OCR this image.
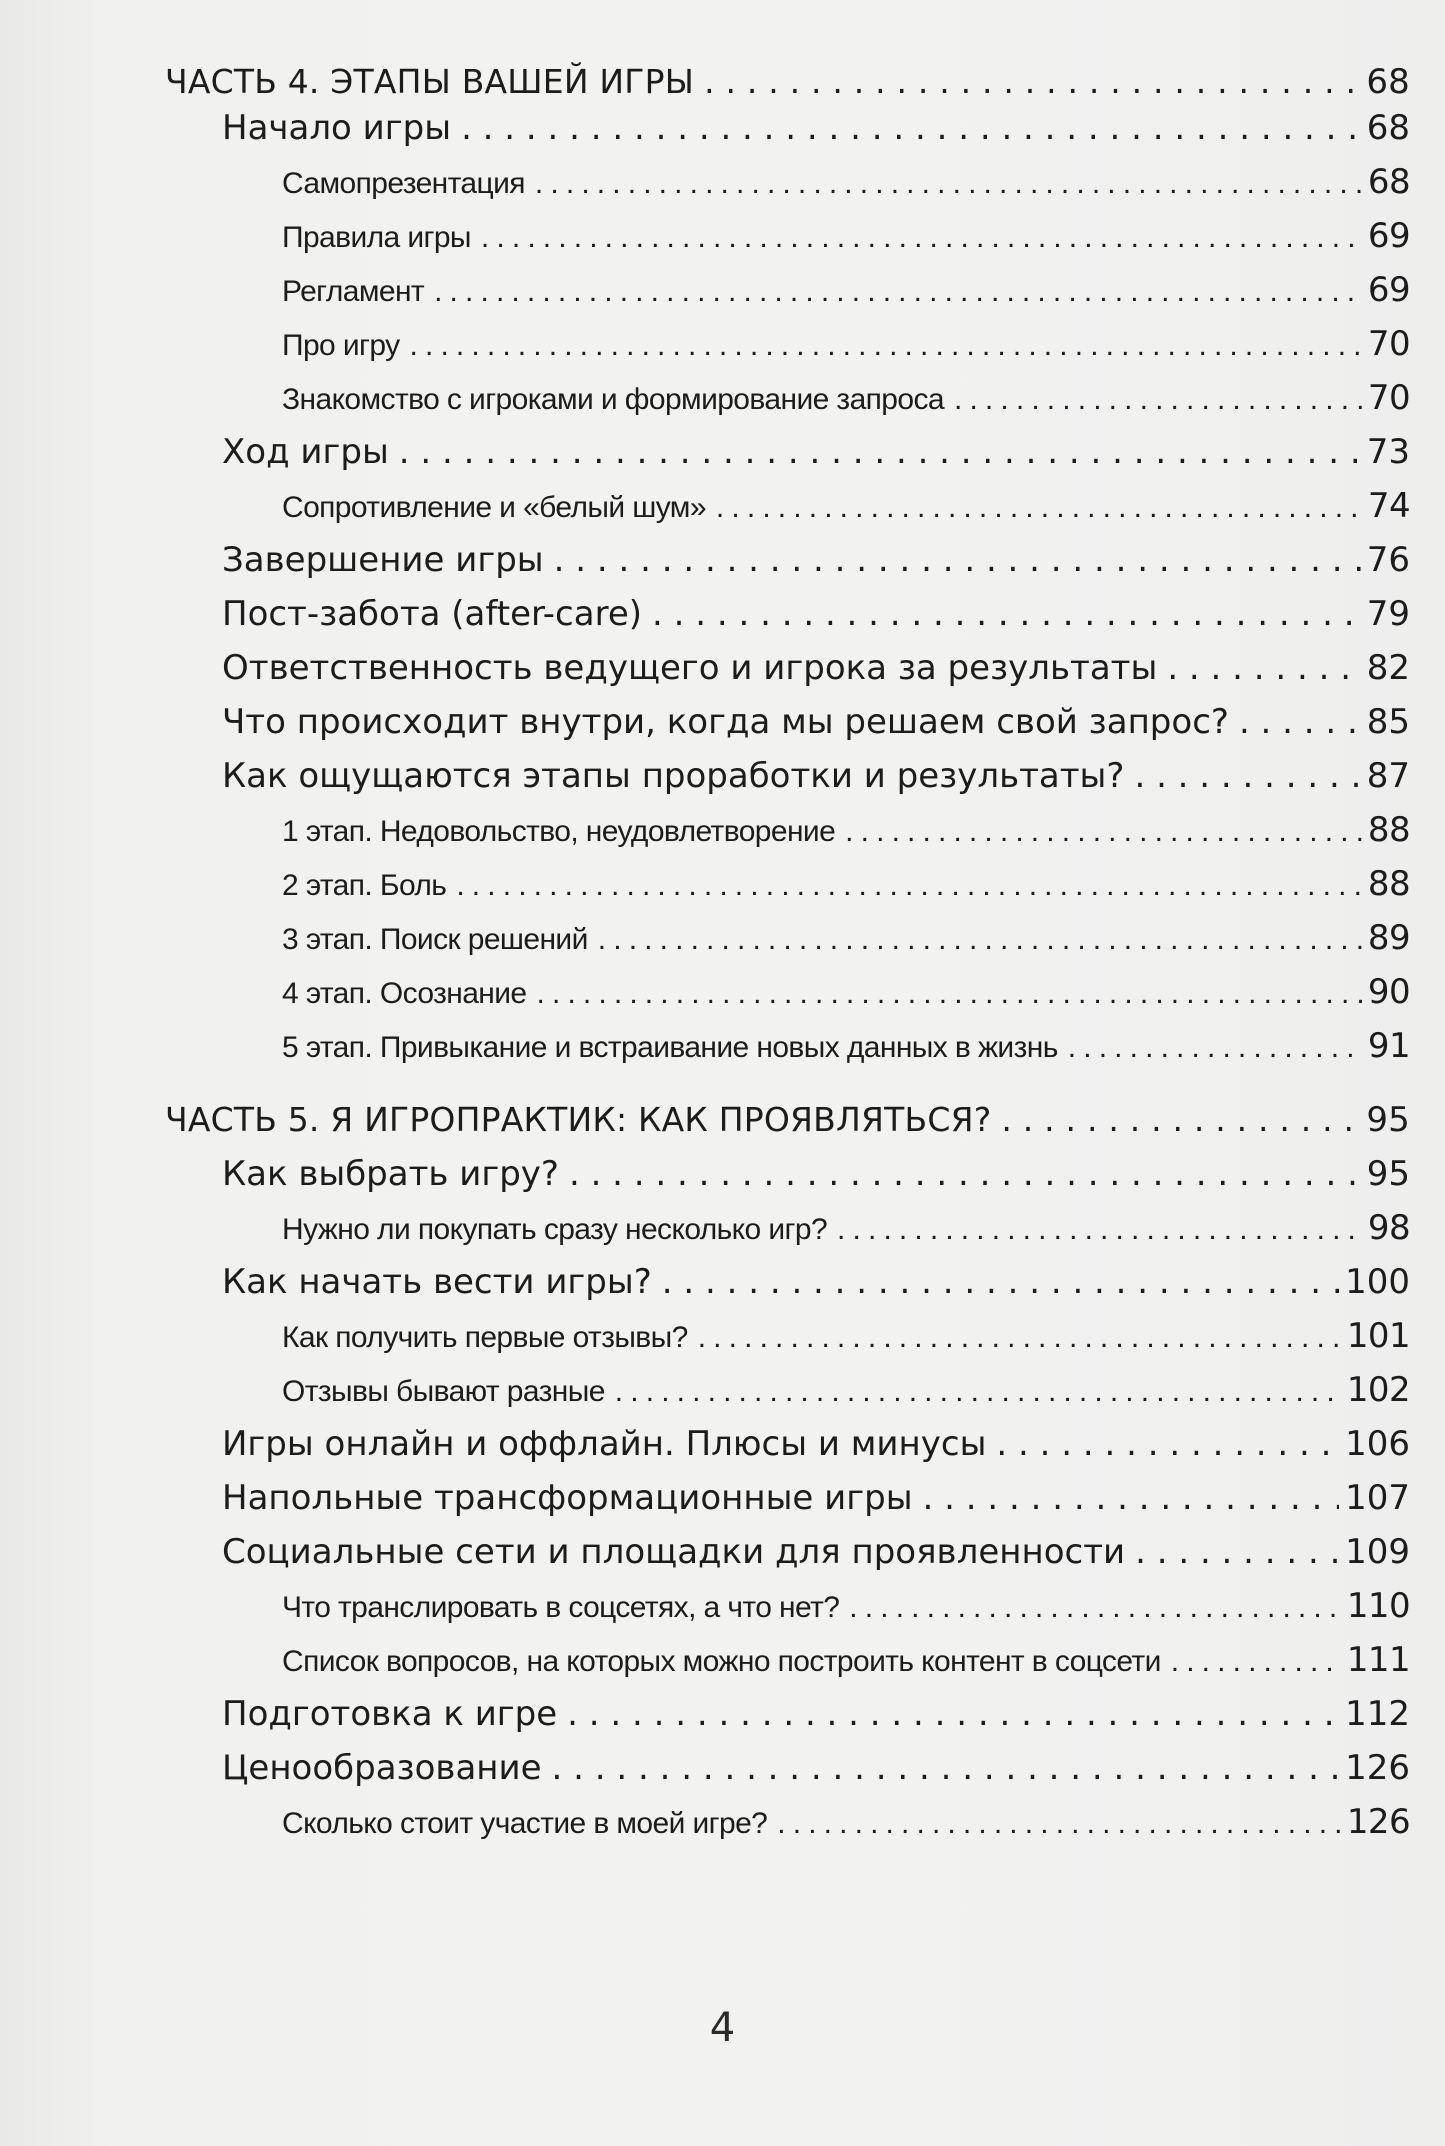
ЧАСТЬ 4. ЭТАПЫ ВАШЕЙ ИГРЫ . . .	68
Начало игры . . .	68
Самопрезентация . . .	68
Правила игры . . .	69
Регламент . . .	69
Про игру . . .	70
Знакомство с игроками и формирование запроса . . .	70
Ход игры . . .	73
Сопротивление и «белый шум» . . .	74
Завершение игры . . .	76
Пост-забота (after-care) . . .	79
Ответственность ведущего и игрока за результаты . . .	82
Что происходит внутри, когда мы решаем свой запрос? . . .	85
Как ощущаются этапы проработки и результаты? . . .	87
1 этап. Недовольство, неудовлетворение . . .	88
2 этап. Боль . . .	88
3 этап. Поиск решений . . .	89
4 этап. Осознание . . .	90
5 этап. Привыкание и встраивание новых данных в жизнь . . .	91
ЧАСТЬ 5. Я ИГРОПРАКТИК: КАК ПРОЯВЛЯТЬСЯ? . . .	95
Как выбрать игру? . . .	95
Нужно ли покупать сразу несколько игр? . . .	98
Как начать вести игры? . . .	100
Как получить первые отзывы? . . .	101
Отзывы бывают разные . . .	102
Игры онлайн и оффлайн. Плюсы и минусы . . .	106
Напольные трансформационные игры . . .	107
Социальные сети и площадки для проявленности . . .	109
Что транслировать в соцсетях, а что нет? . . .	110
Список вопросов, на которых можно построить контент в соцсети . . .	111
Подготовка к игре . . .	112
Ценообразование . . .	126
Сколько стоит участие в моей игре? . . .	126
4
